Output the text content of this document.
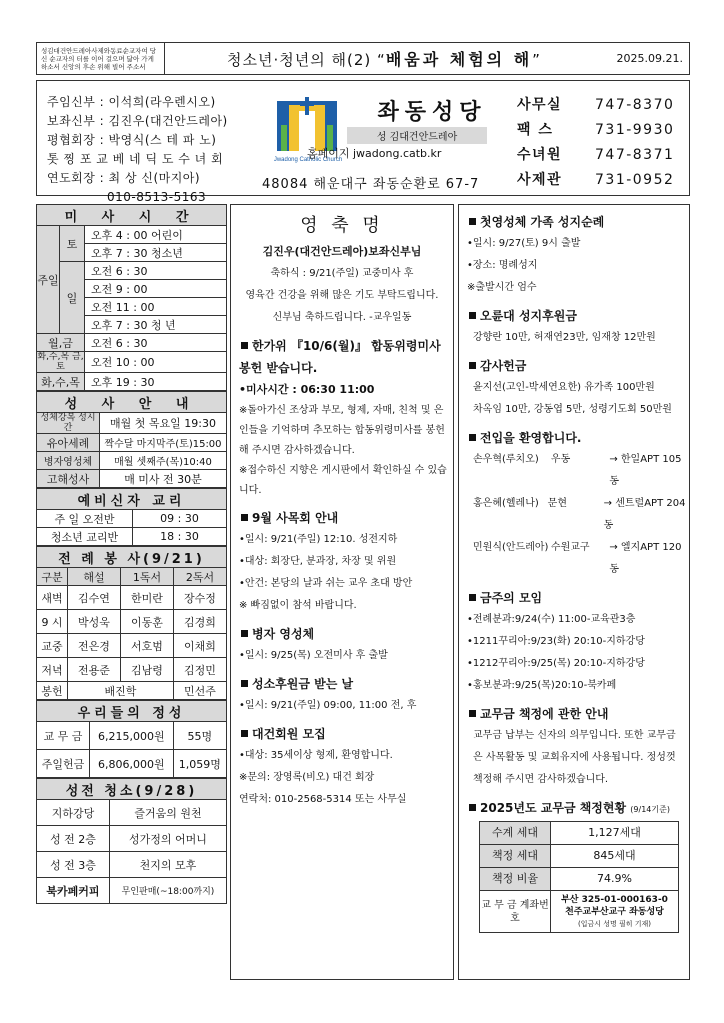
성김대건안드레아사제와동료순교자여 당신 순교자의 터를 이어 걸으며 닮아 가게 하소서 신앙의 후손 위해 빌어 주소서	청소년·청년의 해(2) “배움과 체험의 해”	2025.09.21.
주임신부 : 이석희(라우렌시오)
보좌신부 : 김진우(대건안드레아)
평협회장 : 박영식(스 테 파 노)
톳 찡 포 교 베 네 딕 도 수 녀 회
연도회장 : 최 상 신(마지아)
010-8513-5163
Jwadong Catholic Church
좌동성당
성 김대건안드레아
홈페이지 jwadong.catb.kr
48084 해운대구 좌동순환로 67-7
사무실	747-8370
팩 스	731-9930
수녀원	747-8371
사제관	731-0952
미 사 시 간		
주일	토	오후 4 : 00 어린이
		오후 7 : 30 청소년
	일	오전 6 : 30
		오전 9 : 00
		오전 11 : 00
		오후 7 : 30 청 년
월,금		오전 6 : 30
화,수,목 금,토		오전 10 : 00
화,수,목		오후 19 : 30
성 사 안 내	
성체강복 성시간	매월 첫 목요일 19:30
유아세례	짝수달 마지막주(토)15:00
병자영성체	매월 셋째주(목)10:40
고해성사	매 미사 전 30분
예비신자 교리	
주 일 오전반	09 : 30
청소년 교리반	18 : 30
전 례 봉 사(9/21)			
구분	해설	1독서	2독서
새벽	김수연	한미란	장수정
9 시	박성욱	이동훈	김경희
교중	전은경	서호범	이채희
저녁	전용준	김남령	김정민
봉헌	배진학		민선주
우리들의 정성		
교 무 금	6,215,000원	55명
주일헌금	6,806,000원	1,059명
성전 청소(9/28)	
지하강당	즐거움의 원천
성 전 2층	성가정의 어머니
성 전 3층	천지의 모후
북카페커피	무인판매(~18:00까지)
영 축 명
김진우(대건안드레아)보좌신부님
축하식 : 9/21(주일) 교중미사 후
영육간 건강을 위해 많은 기도 부탁드립니다.
신부님 축하드립니다. -교우일동
한가위 『10/6(월)』 합동위령미사 봉헌 받습니다.
•미사시간 : 06:30 11:00
※돌아가신 조상과 부모, 형제, 자매, 친척 및 은인들을 기억하며 추모하는 합동위령미사를 봉헌해 주시면 감사하겠습니다.
※접수하신 지향은 게시판에서 확인하실 수 있습니다.
9월 사목회 안내
•일시: 9/21(주일) 12:10. 성전지하
•대상: 회장단, 분과장, 차장 및 위원
•안건: 본당의 날과 쉬는 교우 초대 방안
※ 빠짐없이 참석 바랍니다.
병자 영성체
•일시: 9/25(목) 오전미사 후 출발
성소후원금 받는 날
•일시: 9/21(주일) 09:00, 11:00 전, 후
대건회원 모집
•대상: 35세이상 형제, 환영합니다.
※문의: 장영록(비오) 대건 회장
연락처: 010-2568-5314 또는 사무실
첫영성체 가족 성지순례
•일시: 9/27(토) 9시 출발
•장소: 명례성지
※출발시간 엄수
오륜대 성지후원금
강향란 10만, 허재연23만, 임재창 12만원
감사헌금
윤지선(고인-박세연요한) 유가족 100만원
차옥임 10만, 강동엽 5만, 성령기도회 50만원
전입을 환영합니다.
손우혁(루치오)	우동	→ 한일APT 105동
홍은혜(헬레나) 문현	→ 센트럴APT 204동
민원식(안드레아) 수원교구	→ 엘지APT 120동
금주의 모임
•전례분과:9/24(수) 11:00-교육관3층
•1211꾸리아:9/23(화) 20:10-지하강당
•1212꾸리아:9/25(목) 20:10-지하강당
•홍보분과:9/25(목)20:10-북카페
교무금 책정에 관한 안내
교무금 납부는 신자의 의무입니다. 또한 교무금은 사목활동 및 교회유지에 사용됩니다. 정성껏 책정해 주시면 감사하겠습니다.
2025년도 교무금 책정현황 (9/14기준)
수계 세대	1,127세대
책정 세대	845세대
책정 비율	74.9%
교 무 금 계좌번호	부산 325-01-000163-0
천주교부산교구 좌동성당
(입금시 성명 필히 기재)
